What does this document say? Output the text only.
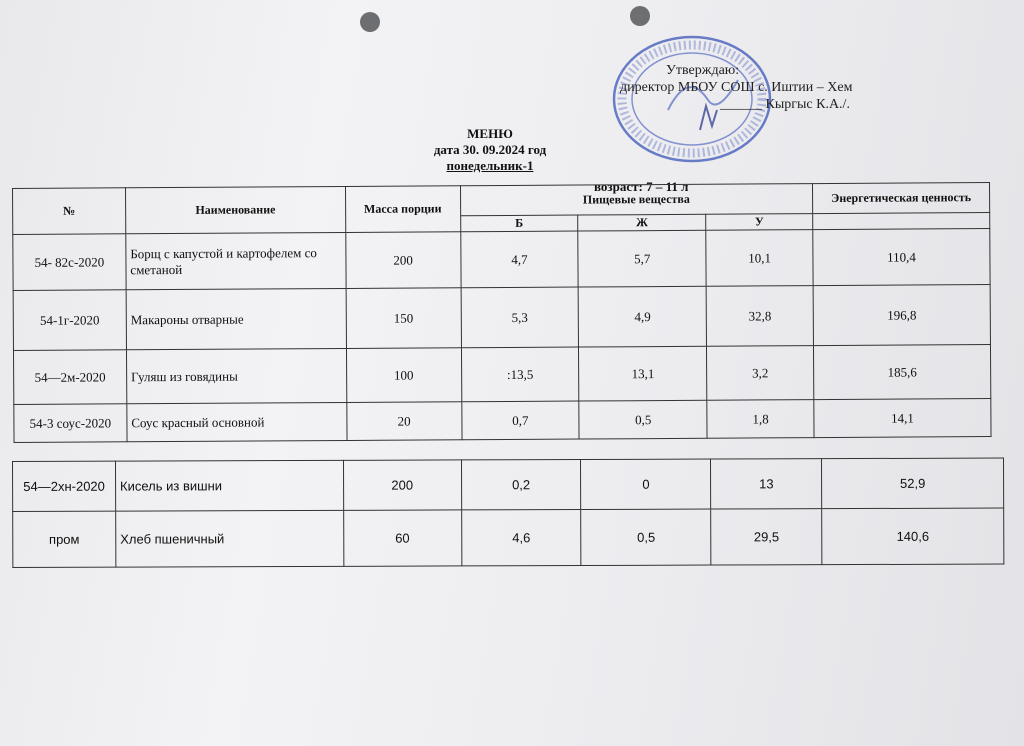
Утверждаю:
директор МБОУ СОШ с. Иштии – Хем
______ Кыргыс К.А./.
МЕНЮ
дата 30. 09.2024 год
понедельник-1
возраст: 7 – 11 л
№	Наименование	Масса порции	Пищевые вещества			Энергетическая ценность
			Б	Ж	У	
54- 82с-2020	Борщ с капустой и картофелем со сметаной	200	4,7	5,7	10,1	110,4
54-1г-2020	Макароны отварные	150	5,3	4,9	32,8	196,8
54—2м-2020	Гуляш из говядины	100	:13,5	13,1	3,2	185,6
54-3 соус-2020	Соус красный основной	20	0,7	0,5	1,8	14,1
54—2хн-2020	Кисель из вишни	200	0,2	0	13	52,9
пром	Хлеб пшеничный	60	4,6	0,5	29,5	140,6
